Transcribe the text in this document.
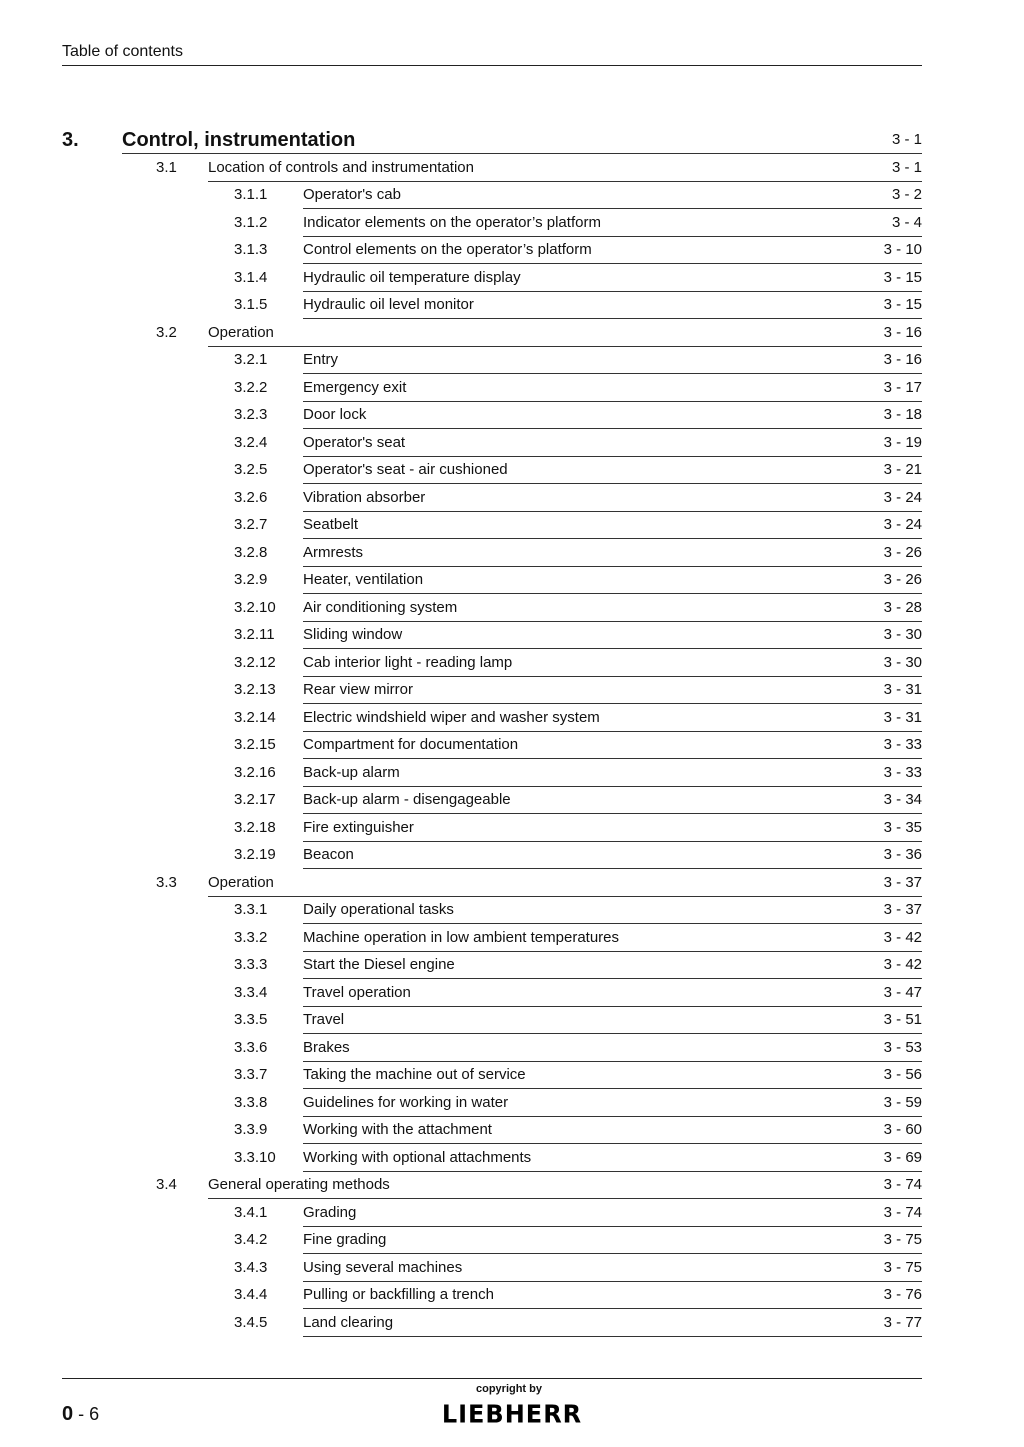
Table of contents
3. Control, instrumentation	3 - 1
3.1 Location of controls and instrumentation	3 - 1
3.1.1 Operator's cab	3 - 2
3.1.2 Indicator elements on the operator’s platform	3 - 4
3.1.3 Control elements on the operator’s platform	3 - 10
3.1.4 Hydraulic oil temperature display	3 - 15
3.1.5 Hydraulic oil level monitor	3 - 15
3.2 Operation	3 - 16
3.2.1 Entry	3 - 16
3.2.2 Emergency exit	3 - 17
3.2.3 Door lock	3 - 18
3.2.4 Operator's seat	3 - 19
3.2.5 Operator's seat - air cushioned	3 - 21
3.2.6 Vibration absorber	3 - 24
3.2.7 Seatbelt	3 - 24
3.2.8 Armrests	3 - 26
3.2.9 Heater, ventilation	3 - 26
3.2.10 Air conditioning system	3 - 28
3.2.11 Sliding window	3 - 30
3.2.12 Cab interior light - reading lamp	3 - 30
3.2.13 Rear view mirror	3 - 31
3.2.14 Electric windshield wiper and washer system	3 - 31
3.2.15 Compartment for documentation	3 - 33
3.2.16 Back-up alarm	3 - 33
3.2.17 Back-up alarm - disengageable	3 - 34
3.2.18 Fire extinguisher	3 - 35
3.2.19 Beacon	3 - 36
3.3 Operation	3 - 37
3.3.1 Daily operational tasks	3 - 37
3.3.2 Machine operation in low ambient temperatures	3 - 42
3.3.3 Start the Diesel engine	3 - 42
3.3.4 Travel operation	3 - 47
3.3.5 Travel	3 - 51
3.3.6 Brakes	3 - 53
3.3.7 Taking the machine out of service	3 - 56
3.3.8 Guidelines for working in water	3 - 59
3.3.9 Working with the attachment	3 - 60
3.3.10 Working with optional attachments	3 - 69
3.4 General operating methods	3 - 74
3.4.1 Grading	3 - 74
3.4.2 Fine grading	3 - 75
3.4.3 Using several machines	3 - 75
3.4.4 Pulling or backfilling a trench	3 - 76
3.4.5 Land clearing	3 - 77
0 - 6
copyright by
LIEBHERR
